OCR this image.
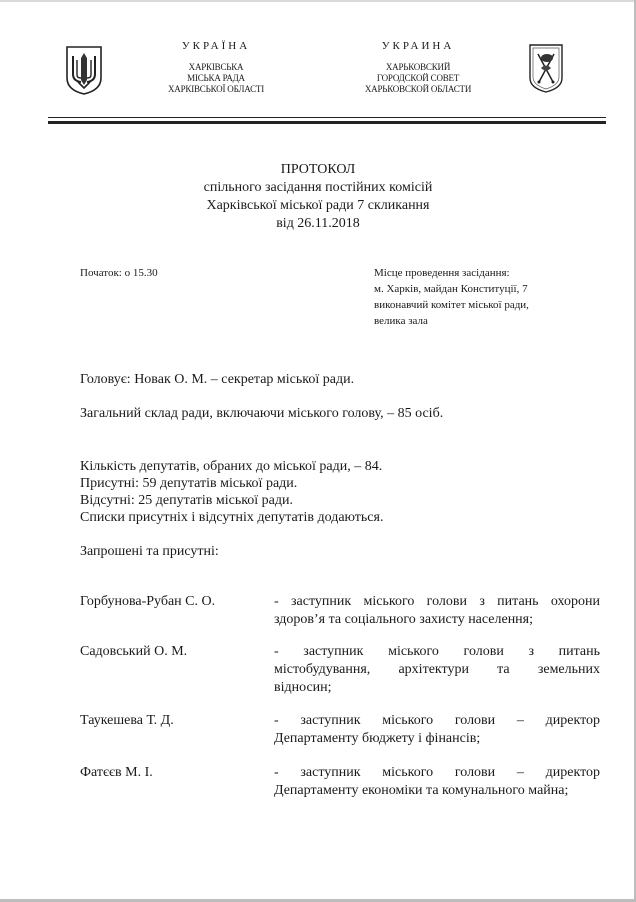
УКРАЇНА
ХАРКІВСЬКА
МІСЬКА РАДА
ХАРКІВСЬКОЇ ОБЛАСТІ
УКРАИНА
ХАРЬКОВСКИЙ
ГОРОДСКОЙ СОВЕТ
ХАРЬКОВСКОЙ ОБЛАСТИ
ПРОТОКОЛ
спільного засідання постійних комісій
Харківської міської ради 7 скликання
від 26.11.2018
Початок: о 15.30	Місце проведення засідання:
м. Харків, майдан Конституції, 7
виконавчий комітет міської ради,
велика зала
Головує: Новак О. М. – секретар міської ради.
Загальний склад ради, включаючи міського голову, – 85 осіб.
Кількість депутатів, обраних до міської ради, – 84.
Присутні: 59 депутатів міської ради.
Відсутні: 25 депутатів міської ради.
Списки присутніх і відсутніх депутатів додаються.
Запрошені та присутні:
Горбунова-Рубан С. О.	- заступник міського голови з питань охорони
здоров’я та соціального захисту населення;
Садовський О. М.	- заступник міського голови з питань
містобудування, архітектури та земельних
відносин;
Таукешева Т. Д.	- заступник міського голови – директор
Департаменту бюджету і фінансів;
Фатєєв М. І.	- заступник міського голови – директор
Департаменту економіки та комунального майна;
